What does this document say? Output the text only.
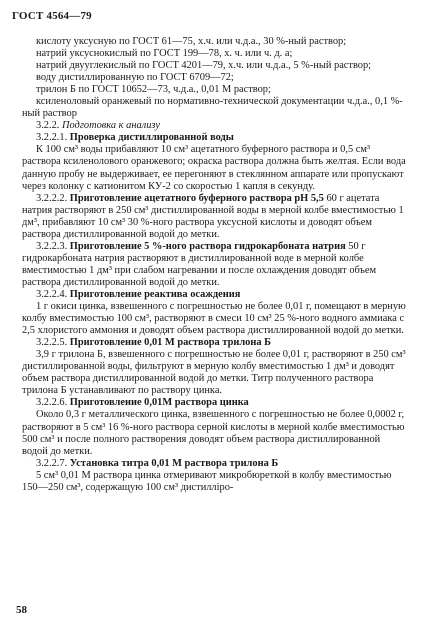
ГОСТ 4564—79

кислоту уксусную по ГОСТ 61—75, х.ч. или ч.д.а., 30 %-ный раствор;

натрий уксуснокислый по ГОСТ 199—78, х. ч. или ч. д. а;

натрий двууглекислый по ГОСТ 4201—79, х.ч. или ч.д.а., 5 %-ный раствор;

воду дистиллированную по ГОСТ 6709—72;

трилон Б по ГОСТ 10652—73, ч.д.а., 0,01 М раствор;

ксиленоловый оранжевый по нормативно-технической документации ч.д.а., 0,1 %-ный раствор

3.2.2. Подготовка к анализу

3.2.2.1. Проверка дистиллированной воды

К 100 см³ воды прибавляют 10 см³ ацетатного буферного раствора и 0,5 см³ раствора ксиленолового оранжевого; окраска раствора должна быть желтая. Если вода данную пробу не выдерживает, ее перегоняют в стеклянном аппарате или пропускают через колонку с катионитом КУ-2 со скоростью 1 капля в секунду.

3.2.2.2. Приготовление ацетатного буферного раствора рН 5,5 60 г ацетата натрия растворяют в 250 см³ дистиллированной воды в мерной колбе вместимостью 1 дм³, прибавляют 10 см³ 30 %-ного раствора уксусной кислоты и доводят объем раствора дистиллированной водой до метки.

3.2.2.3. Приготовление 5 %-ного раствора гидрокарбоната натрия 50 г гидрокарбоната натрия растворяют в дистиллированной воде в мерной колбе вместимостью 1 дм³ при слабом нагревании и после охлаждения доводят объем раствора дистиллированной водой до метки.

3.2.2.4. Приготовление реактива осаждения

1 г окиси цинка, взвешенного с погрешностью не более 0,01 г, помещают в мерную колбу вместимостью 100 см³, растворяют в смеси 10 см³ 25 %-ного водного аммиака с 2,5 хлористого аммония и доводят объем раствора дистиллированной водой до метки.

3.2.2.5. Приготовление 0,01 М раствора трилона Б

3,9 г трилона Б, взвешенного с погрешностью не более 0,01 г, растворяют в 250 см³ дистиллированной воды, фильтруют в мерную колбу вместимостью 1 дм³ и доводят объем раствора дистиллированной водой до метки. Титр полученного раствора трилона Б устанавливают по раствору цинка.

3.2.2.6. Приготовление 0,01М раствора цинка

Около 0,3 г металлического цинка, взвешенного с погрешностью не более 0,0002 г, растворяют в 5 см³ 16 %-ного раствора серной кислоты в мерной колбе вместимостью 500 см³ и после полного растворения доводят объем раствора дистиллированной водой до метки.

3.2.2.7. Установка титра 0,01 М раствора трилона Б

5 см³ 0,01 М раствора цинка отмеривают микробюреткой в колбу вместимостью 150—250 см³, содержащую 100 см³ дистилліро-

58
